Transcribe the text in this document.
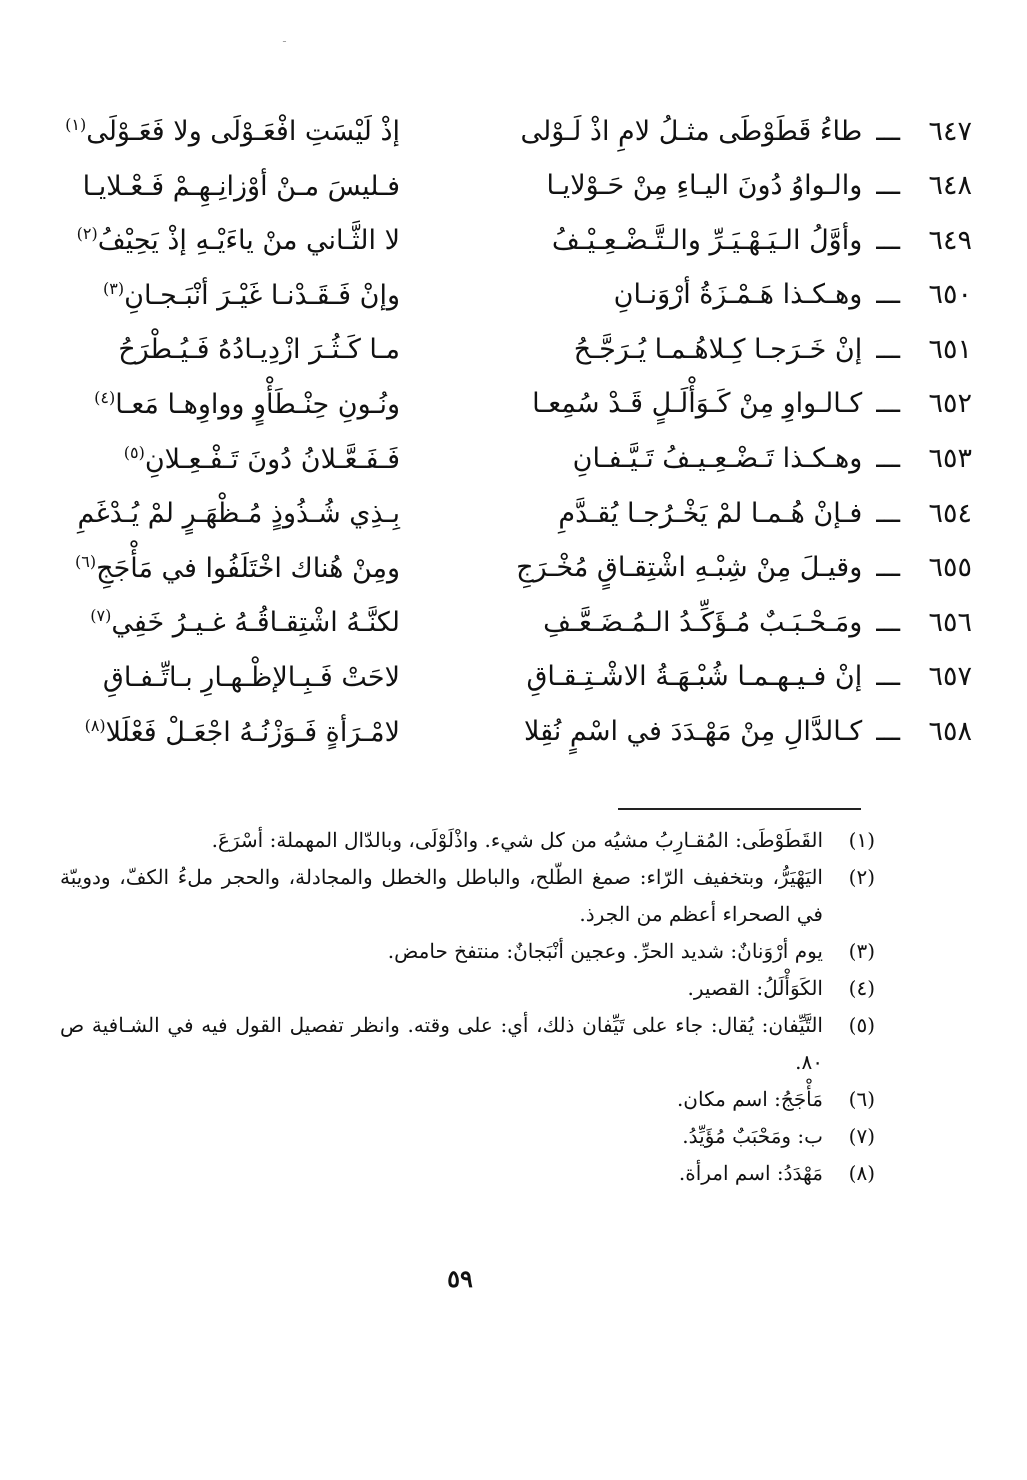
ـ
٦٤٧
ـــ
طاءُ قَطَوْطَى مثـلُ لامِ اذْ لَـوْلى
إذْ لَيْسَتِ افْعَـوْلَى ولا فَعَـوْلَى$^{(١)}$
٦٤٨
ـــ
والـواوُ دُونَ اليـاءِ مِنْ حَـوْلايـا
فـليسَ مـنْ أوْزانِـهِـمْ فَـعْـلايـا
٦٤٩
ـــ
وأوَّلُ الـيَـهْـيَـرِّ والـتَّـضْـعِـيْـفُ
لا الثَّـاني منْ ياءَيْـهِ إذْ يَحِيْفُ$^{(٢)}$
٦٥٠
ـــ
وهـكـذا هَـمْـزَةُ أرْوَنـانِ
وإنْ فَـقَـدْنـا غَيْـرَ أنْبَـجـانِ$^{(٣)}$
٦٥١
ـــ
إنْ خَـرَجـا كِـلاهُـمـا يُـرَجَّـحُ
مـا كَـثُـرَ ازْدِيـادُهُ فَـيُـطْرَحُ
٦٥٢
ـــ
كـالـواوِ مِنْ كَـوَأْلَـلٍ قَـدْ سُمِعـا
ونُـونِ حِنْـطَأْوٍ وواوِهـا مَعـا$^{(٤)}$
٦٥٣
ـــ
وهـكـذا تَـضْـعِـيـفُ تَـيَّـفـانِ
فَـفَـعَّـلانُ دُونَ تَـفْـعِـلانِ$^{(٥)}$
٦٥٤
ـــ
فـإنْ هُـمـا لمْ يَخْـرُجـا يُقـدَّمِ
بِـذِي شُـذُوذٍ مُـظْهَـرٍ لمْ يُـدْغَمِ
٦٥٥
ـــ
وقيـلَ مِنْ شِبْـهِ اشْتِقـاقٍ مُخْـرَجِ
ومِنْ هُناك اخْتَلَفُوا في مَأْجَجِ$^{(٦)}$
٦٥٦
ـــ
ومَـحْـبَـبٌ مُـؤَكِّـدُ الـمُـضَـعَّـفِ
لكنَّـهُ اشْتِقـاقُـهُ غـيـرُ خَفِي$^{(٧)}$
٦٥٧
ـــ
إنْ فـيـهـمـا شُبْـهَـةُ الاشْـتِـقـاقِ
لاحَتْ فَـبِـالإظْـهـارِ بـاتِّـفـاقِ
٦٥٨
ـــ
كـالدَّالِ مِنْ مَهْـدَدَ في اسْمٍ نُقِلا
لامْـرَأةٍ فَـوَزْنُـهُ اجْعَـلْ فَعْلَلا$^{(٨)}$
(١)
القَطَوْطَى: المُقـارِبُ مشيُه من كل شيء. واذْلَوْلَى، وبالدّال المهملة: أسْرَعَ.
(٢)
اليَهْيَرُّ، وبتخفيف الرّاء: صمغ الطّلح، والباطل والخطل والمجادلة، والحجر ملءُ الكفّ، ودويبّة في الصحراء أعظم من الجرذ.
(٣)
يوم أرْوَنانٌ: شديد الحرِّ. وعجين أنْبَجانٌ: منتفخ حامض.
(٤)
الكَوَأْلَلُ: القصير.
(٥)
التَّيِّفان: يُقال: جاء على تَيِّفان ذلك، أي: على وقته. وانظر تفصيل القول فيه في الشـافية ص ٨٠.
(٦)
مَأْجَجُ: اسم مكان.
(٧)
ب: ومَحْبَبٌ مُؤَيِّدُ.
(٨)
مَهْدَدُ: اسم امرأة.
٥٩
